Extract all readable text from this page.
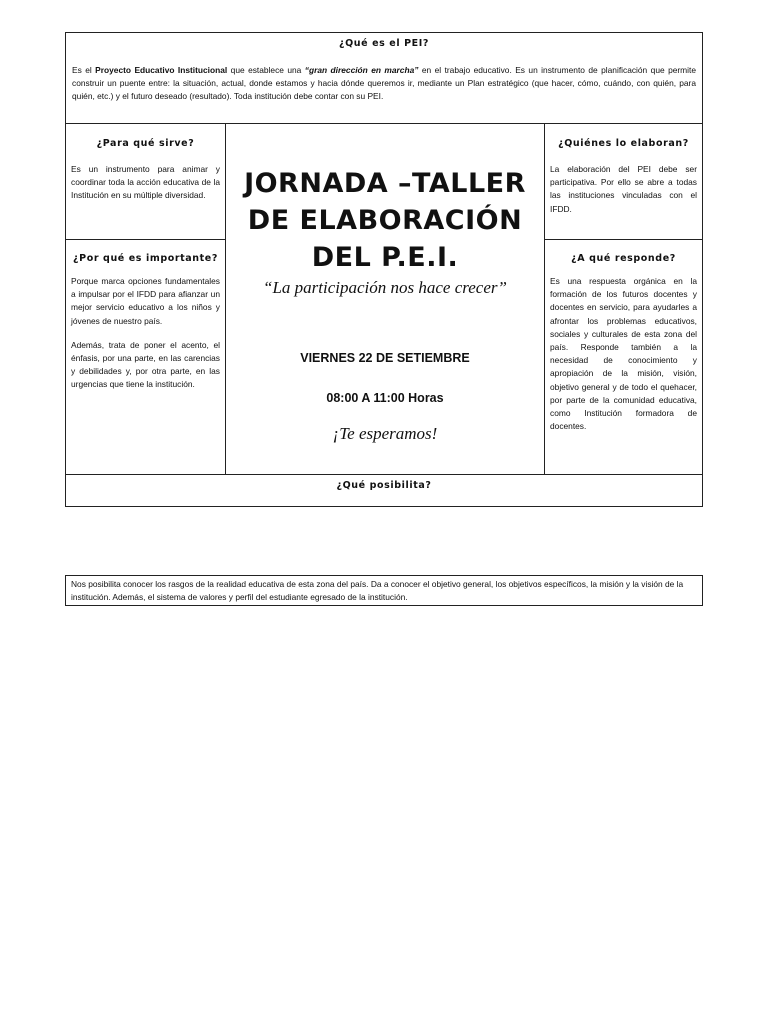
¿Qué es el PEI?
Es el Proyecto Educativo Institucional que establece una “gran dirección en marcha” en el trabajo educativo. Es un instrumento de planificación que permite construir un puente entre: la situación, actual, donde estamos y hacia dónde queremos ir, mediante un Plan estratégico (que hacer, cómo, cuándo, con quién, para quién, etc.) y el futuro deseado (resultado). Toda institución debe contar con su PEI.
¿Para qué sirve?
Es un instrumento para animar y coordinar toda la acción educativa de la Institución en su múltiple diversidad.
¿Por qué es importante?
Porque marca opciones fundamentales a impulsar por el IFDD para afianzar un mejor servicio educativo a los niños y jóvenes de nuestro país.
Además, trata de poner el acento, el énfasis, por una parte, en las carencias y debilidades y, por otra parte, en las urgencias que tiene la institución.
JORNADA –TALLER
DE ELABORACIÓN
DEL P.E.I.
“La participación nos hace crecer”
VIERNES 22 DE SETIEMBRE
08:00 A 11:00 Horas
¡Te esperamos!
¿Quiénes lo elaboran?
La elaboración del PEI debe ser participativa. Por ello se abre a todas las instituciones vinculadas con el IFDD.
¿A qué responde?
Es una respuesta orgánica en la formación de los futuros docentes y docentes en servicio, para ayudarles a afrontar los problemas educativos, sociales y culturales de esta zona del país. Responde también a la necesidad de conocimiento y apropiación de la misión, visión, objetivo general y de todo el quehacer, por parte de la comunidad educativa, como Institución formadora de docentes.
¿Qué posibilita?
Nos posibilita conocer los rasgos de la realidad educativa de esta zona del país. Da a conocer el objetivo general, los objetivos específicos, la misión y la visión de la institución. Además, el sistema de valores y perfil del estudiante egresado de la institución.
